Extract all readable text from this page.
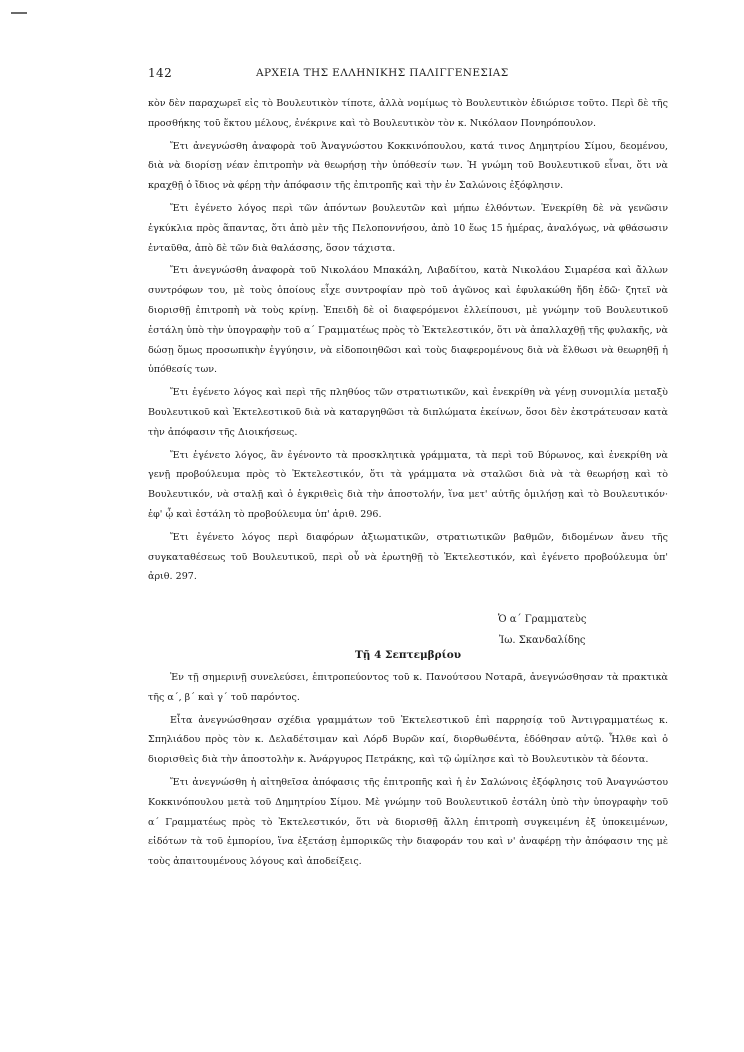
142	ΑΡΧΕΙΑ ΤΗΣ ΕΛΛΗΝΙΚΗΣ ΠΑΛΙΓΓΕΝΕΣΙΑΣ

κὸν δὲν παραχωρεῖ εἰς τὸ Βουλευτικὸν τίποτε, ἀλλὰ νομίμως τὸ Βουλευτικὸν ἐδιώρισε τοῦτο. Περὶ δὲ τῆς προσθήκης τοῦ ἕκτου μέλους, ἐνέκρινε καὶ τὸ Βουλευτικὸν τὸν κ. Νικόλαον Πονηρόπουλον.

Ἔτι ἀνεγνώσθη ἀναφορὰ τοῦ Ἀναγνώστου Κοκκινόπουλου, κατά τινος Δημητρίου Σίμου, δεομένου, διὰ νὰ διορίσῃ νέαν ἐπιτροπὴν νὰ θεωρήσῃ τὴν ὑπόθεσίν των. Ἡ γνώμη τοῦ Βουλευτικοῦ εἶναι, ὅτι νὰ κραχθῇ ὁ ἴδιος νὰ φέρῃ τὴν ἀπόφασιν τῆς ἐπιτροπῆς καὶ τὴν ἐν Σαλώνοις ἐξόφλησιν.

Ἔτι ἐγένετο λόγος περὶ τῶν ἀπόντων βουλευτῶν καὶ μήπω ἐλθόντων. Ἐνεκρίθη δὲ νὰ γενῶσιν ἐγκύκλια πρὸς ἅπαντας, ὅτι ἀπὸ μὲν τῆς Πελοποννήσου, ἀπὸ 10 ἕως 15 ἡμέρας, ἀναλόγως, νὰ φθάσωσιν ἐνταῦθα, ἀπὸ δὲ τῶν διὰ θαλάσσης, ὅσον τάχιστα.

Ἔτι ἀνεγνώσθη ἀναφορὰ τοῦ Νικολάου Μπακάλη, Λιβαδίτου, κατὰ Νικολάου Σιμαρέσα καὶ ἄλλων συντρόφων του, μὲ τοὺς ὁποίους εἶχε συντροφίαν πρὸ τοῦ ἀγῶνος καὶ ἐφυλακώθη ἤδη ἐδῶ· ζητεῖ νὰ διορισθῇ ἐπιτροπὴ νὰ τοὺς κρίνῃ. Ἐπειδὴ δὲ οἱ διαφερόμενοι ἐλλείπουσι, μὲ γνώμην τοῦ Βουλευτικοῦ ἐστάλη ὑπὸ τὴν ὑπογραφὴν τοῦ α΄ Γραμματέως πρὸς τὸ Ἐκτελεστικόν, ὅτι νὰ ἀπαλλαχθῇ τῆς φυλακῆς, νὰ δώσῃ ὅμως προσωπικὴν ἐγγύησιν, νὰ εἰδοποιηθῶσι καὶ τοὺς διαφερομένους διὰ νὰ ἔλθωσι νὰ θεωρηθῇ ἡ ὑπόθεσίς των.

Ἔτι ἐγένετο λόγος καὶ περὶ τῆς πληθύος τῶν στρατιωτικῶν, καὶ ἐνεκρίθη νὰ γένῃ συνομιλία μεταξὺ Βουλευτικοῦ καὶ Ἐκτελεστικοῦ διὰ νὰ καταργηθῶσι τὰ διπλώματα ἐκείνων, ὅσοι δὲν ἐκστράτευσαν κατὰ τὴν ἀπόφασιν τῆς Διοικήσεως.

Ἔτι ἐγένετο λόγος, ἂν ἐγένοντο τὰ προσκλητικὰ γράμματα, τὰ περὶ τοῦ Βύρωνος, καὶ ἐνεκρίθη νὰ γενῇ προβούλευμα πρὸς τὸ Ἐκτελεστικόν, ὅτι τὰ γράμματα νὰ σταλῶσι διὰ νὰ τὰ θεωρήσῃ καὶ τὸ Βουλευτικόν, νὰ σταλῇ καὶ ὁ ἐγκριθεὶς διὰ τὴν ἀποστολήν, ἵνα μετ' αὐτῆς ὁμιλήσῃ καὶ τὸ Βουλευτικόν· ἐφ' ᾧ καὶ ἐστάλη τὸ προβούλευμα ὑπ' ἀριθ. 296.

Ἔτι ἐγένετο λόγος περὶ διαφόρων ἀξιωματικῶν, στρατιωτικῶν βαθμῶν, διδομένων ἄνευ τῆς συγκαταθέσεως τοῦ Βουλευτικοῦ, περὶ οὗ νὰ ἐρωτηθῇ τὸ Ἐκτελεστικόν, καὶ ἐγένετο προβούλευμα ὑπ' ἀριθ. 297.

Ὁ α΄ Γραμματεὺς
Ἰω. Σκανδαλίδης
Τῇ 4 Σεπτεμβρίου

Ἐν τῇ σημερινῇ συνελεύσει, ἐπιτροπεύοντος τοῦ κ. Πανούτσου Νοταρᾶ, ἀνεγνώσθησαν τὰ πρακτικὰ τῆς α΄, β΄ καὶ γ΄ τοῦ παρόντος.

Εἶτα ἀνεγνώσθησαν σχέδια γραμμάτων τοῦ Ἐκτελεστικοῦ ἐπὶ παρρησίᾳ τοῦ Ἀντιγραμματέως κ. Σπηλιάδου πρὸς τὸν κ. Δελαδέτσιμαν καὶ Λόρδ Βυρῶν καί, διορθωθέντα, ἐδόθησαν αὐτῷ. Ἦλθε καὶ ὁ διορισθεὶς διὰ τὴν ἀποστολὴν κ. Ἀνάργυρος Πετράκης, καὶ τῷ ὡμίλησε καὶ τὸ Βουλευτικὸν τὰ δέοντα.

Ἔτι ἀνεγνώσθη ἡ αἰτηθεῖσα ἀπόφασις τῆς ἐπιτροπῆς καὶ ἡ ἐν Σαλώνοις ἐξόφλησις τοῦ Ἀναγνώστου Κοκκινόπουλου μετὰ τοῦ Δημητρίου Σίμου. Μὲ γνώμην τοῦ Βουλευτικοῦ ἐστάλη ὑπὸ τὴν ὑπογραφὴν τοῦ α΄ Γραμματέως πρὸς τὸ Ἐκτελεστικόν, ὅτι νὰ διορισθῇ ἄλλη ἐπιτροπὴ συγκειμένη ἐξ ὑποκειμένων, εἰδότων τὰ τοῦ ἐμπορίου, ἵνα ἐξετάσῃ ἐμπορικῶς τὴν διαφοράν του καὶ ν' ἀναφέρῃ τὴν ἀπόφασιν της μὲ τοὺς ἀπαιτουμένους λόγους καὶ ἀποδείξεις.
